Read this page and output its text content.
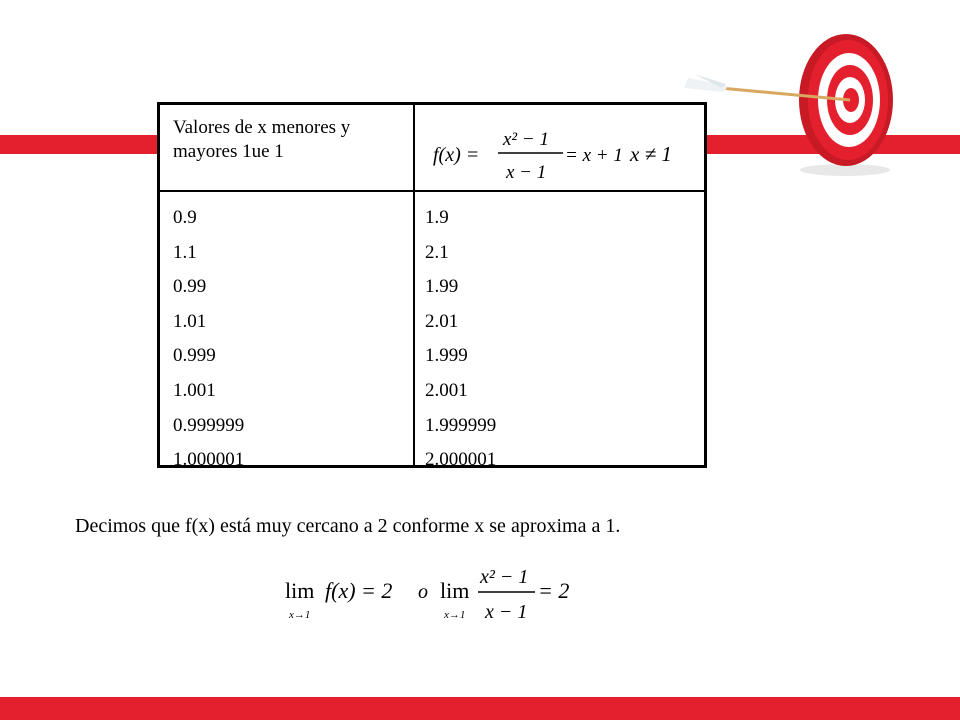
Valores de x menores y mayores 1ue 1	f(x) =
x² − 1
x − 1
= x + 1 x ≠ 1
0.9
1.1
0.99
1.01
0.999
1.001
0.999999
1.000001
1.9
2.1
1.99
2.01
1.999
2.001
1.999999
2.000001
Decimos que f(x) está muy cercano a 2 conforme x se aproxima a 1.
lim
x→1
f(x) = 2 o lim
x→1
x² − 1
x − 1
= 2
